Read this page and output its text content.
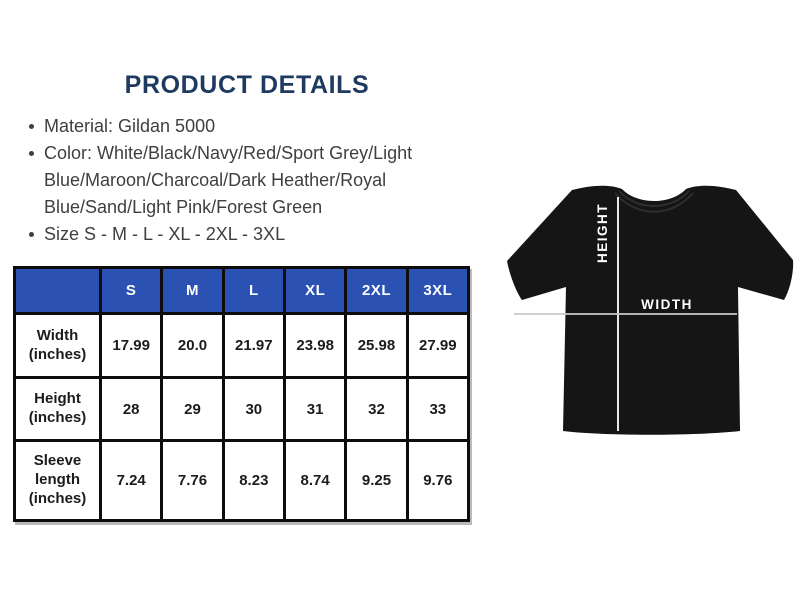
PRODUCT DETAILS
Material: Gildan 5000
Color: White/Black/Navy/Red/Sport Grey/Light
Blue/Maroon/Charcoal/Dark Heather/Royal
Blue/Sand/Light Pink/Forest Green
Size S - M - L - XL - 2XL - 3XL
	S	M	L	XL	2XL	3XL
Width (inches)	17.99	20.0	21.97	23.98	25.98	27.99
Height (inches)	28	29	30	31	32	33
Sleeve length (inches)	7.24	7.76	8.23	8.74	9.25	9.76
HEIGHT
WIDTH
